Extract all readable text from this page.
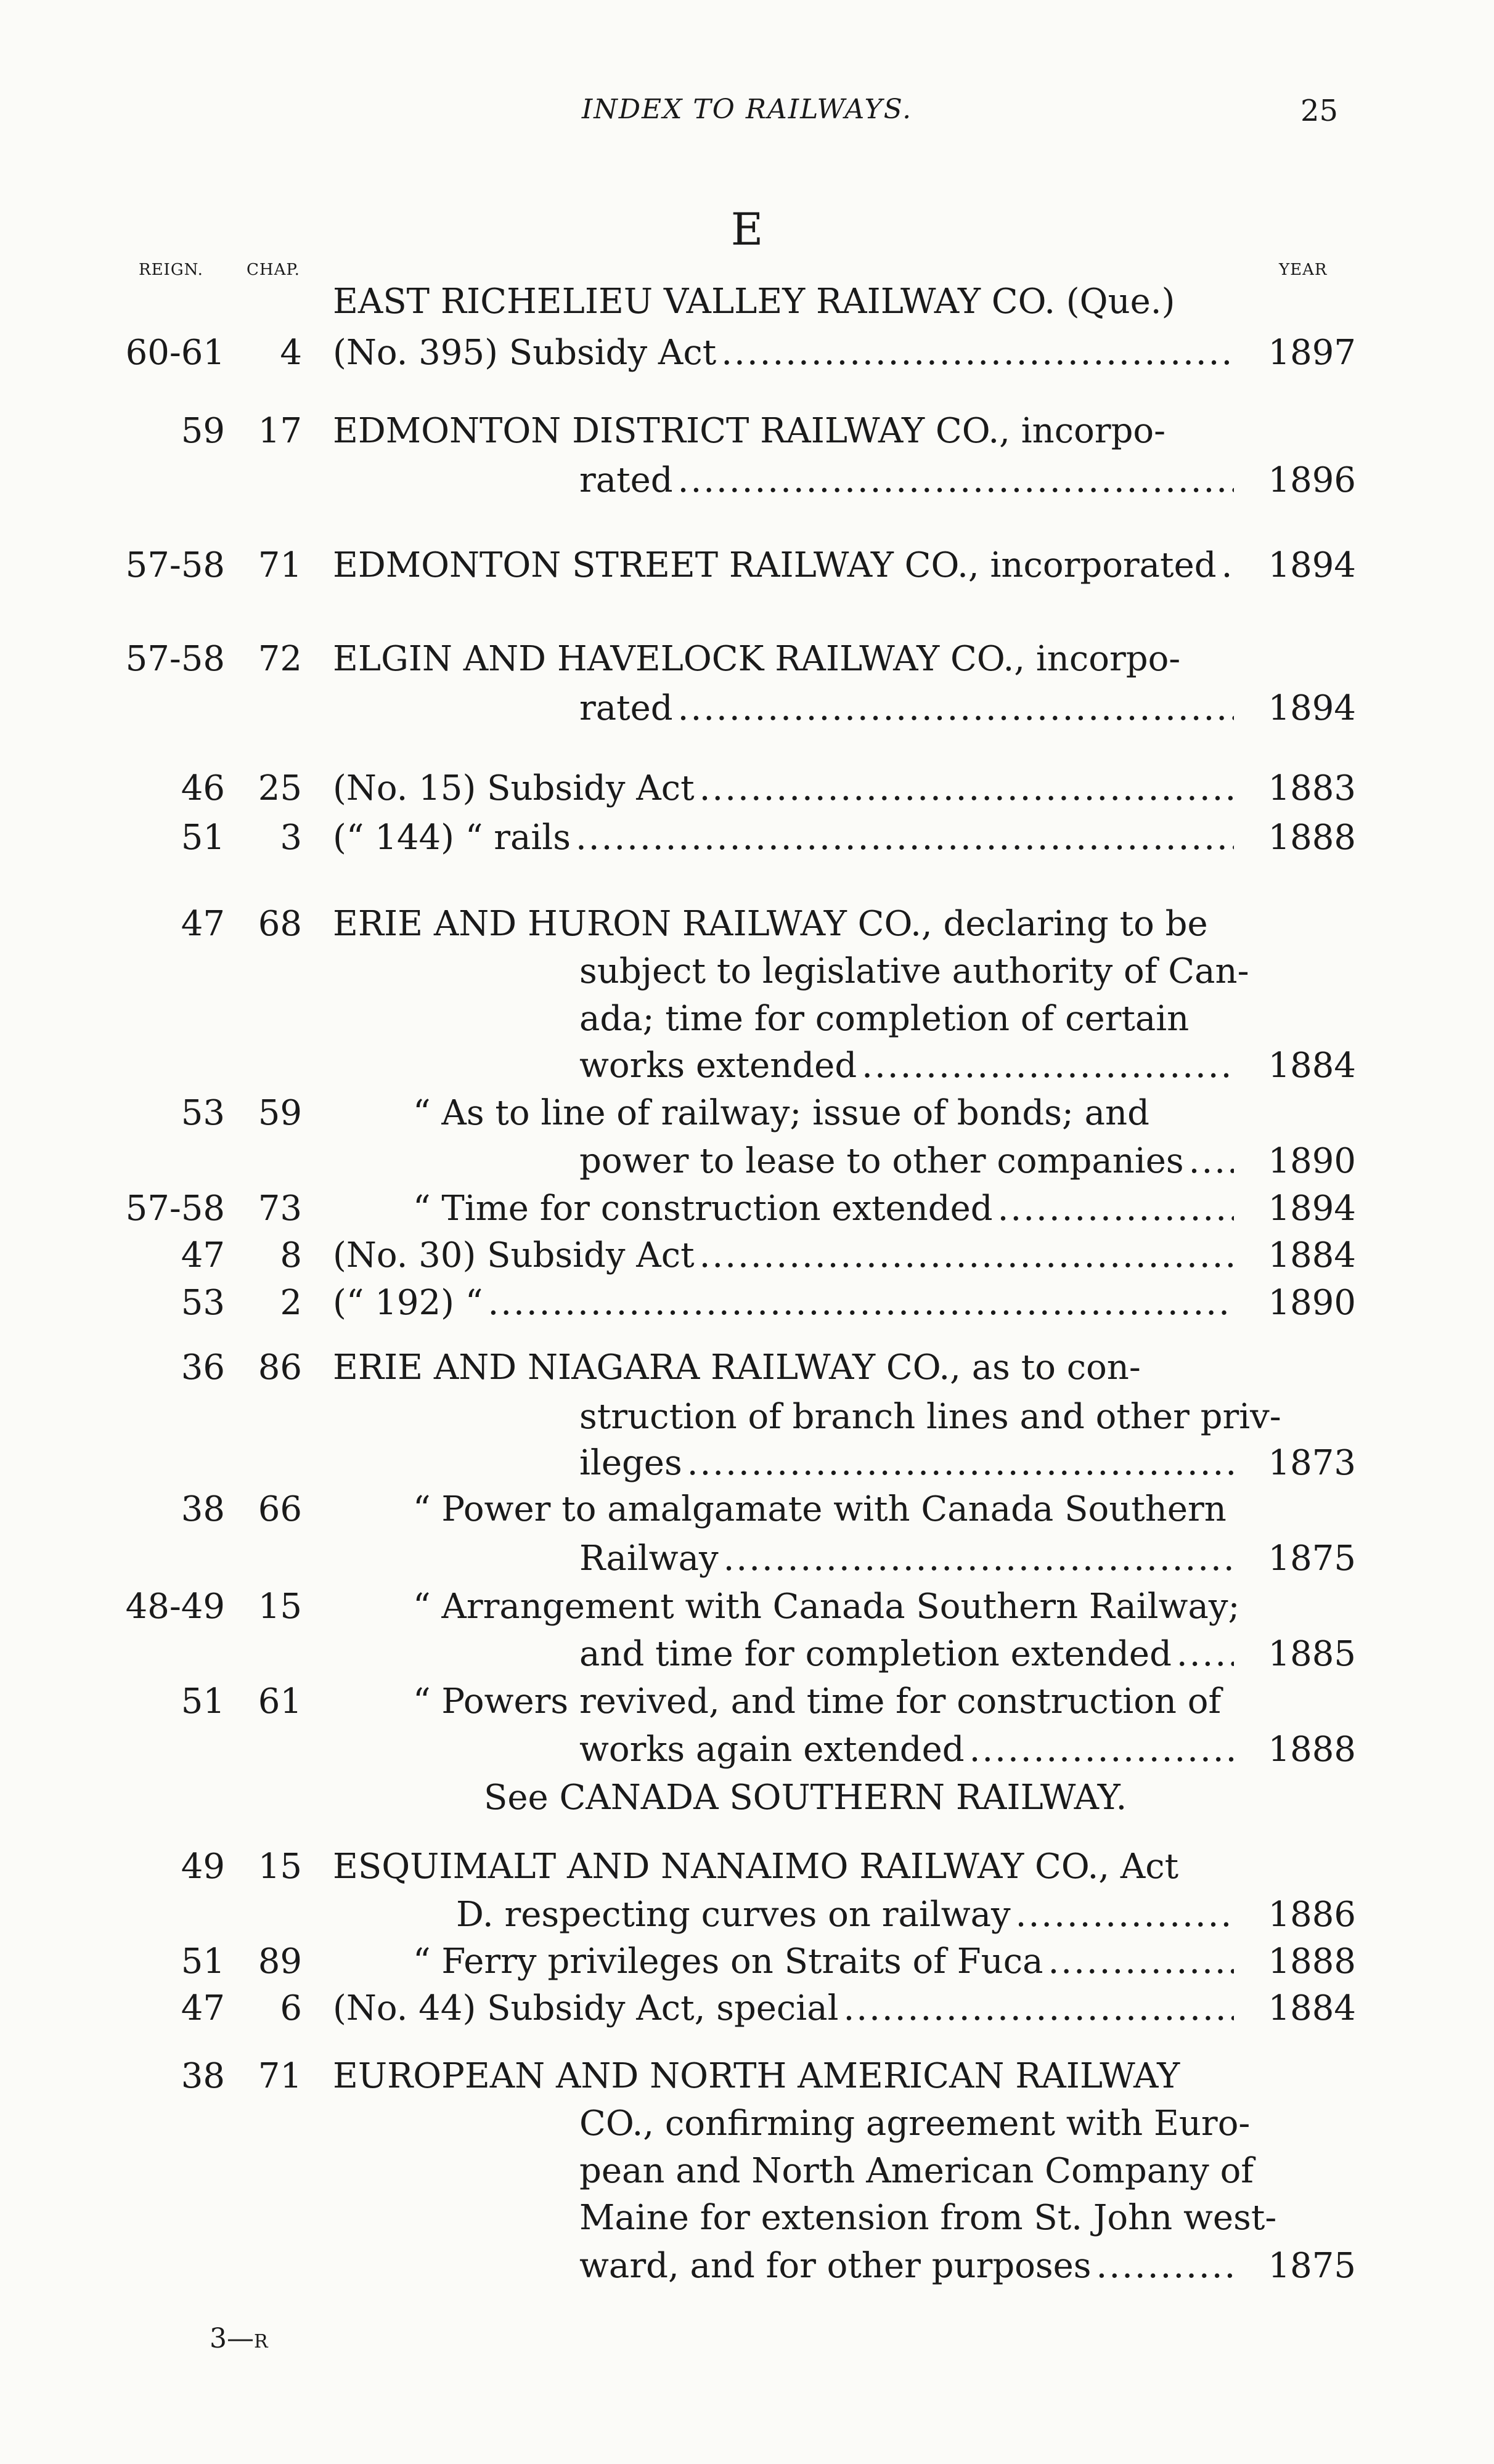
INDEX TO RAILWAYS.	25
E
REIGN.	CHAP.	YEAR
EAST RICHELIEU VALLEY RAILWAY CO. (Que.)
60-61	4 (No. 395) Subsidy Act .....	1897
59 17 EDMONTON DISTRICT RAILWAY CO., incorpo-
rated .....	1896
57-58 71 EDMONTON STREET RAILWAY CO., incorporated .....	1894
57-58 72 ELGIN AND HAVELOCK RAILWAY CO., incorpo-
rated .....	1894
46 25 (No. 15) Subsidy Act .....	1883
51	3 (“ 144) “ rails .....	1888
47 68 ERIE AND HURON RAILWAY CO., declaring to be
subject to legislative authority of Can-
ada; time for completion of certain
works extended .....	1884
53 59	“ As to line of railway; issue of bonds; and
power to lease to other companies .....	1890
57-58 73	“ Time for construction extended .....	1894
47	8 (No. 30) Subsidy Act .....	1884
53	2 (“ 192) “ .....	1890
36 86 ERIE AND NIAGARA RAILWAY CO., as to con-
struction of branch lines and other priv-
ileges .....	1873
38 66	“ Power to amalgamate with Canada Southern
Railway .....	1875
48-49 15	“ Arrangement with Canada Southern Railway;
and time for completion extended .....	1885
51 61	“ Powers revived, and time for construction of
works again extended .....	1888
See CANADA SOUTHERN RAILWAY.
49 15 ESQUIMALT AND NANAIMO RAILWAY CO., Act
D. respecting curves on railway .....	1886
51 89	“ Ferry privileges on Straits of Fuca .....	1888
47	6 (No. 44) Subsidy Act, special .....	1884
38 71 EUROPEAN AND NORTH AMERICAN RAILWAY
CO., confirming agreement with Euro-
pean and North American Company of
Maine for extension from St. John west-
ward, and for other purposes .....	1875
3—R
